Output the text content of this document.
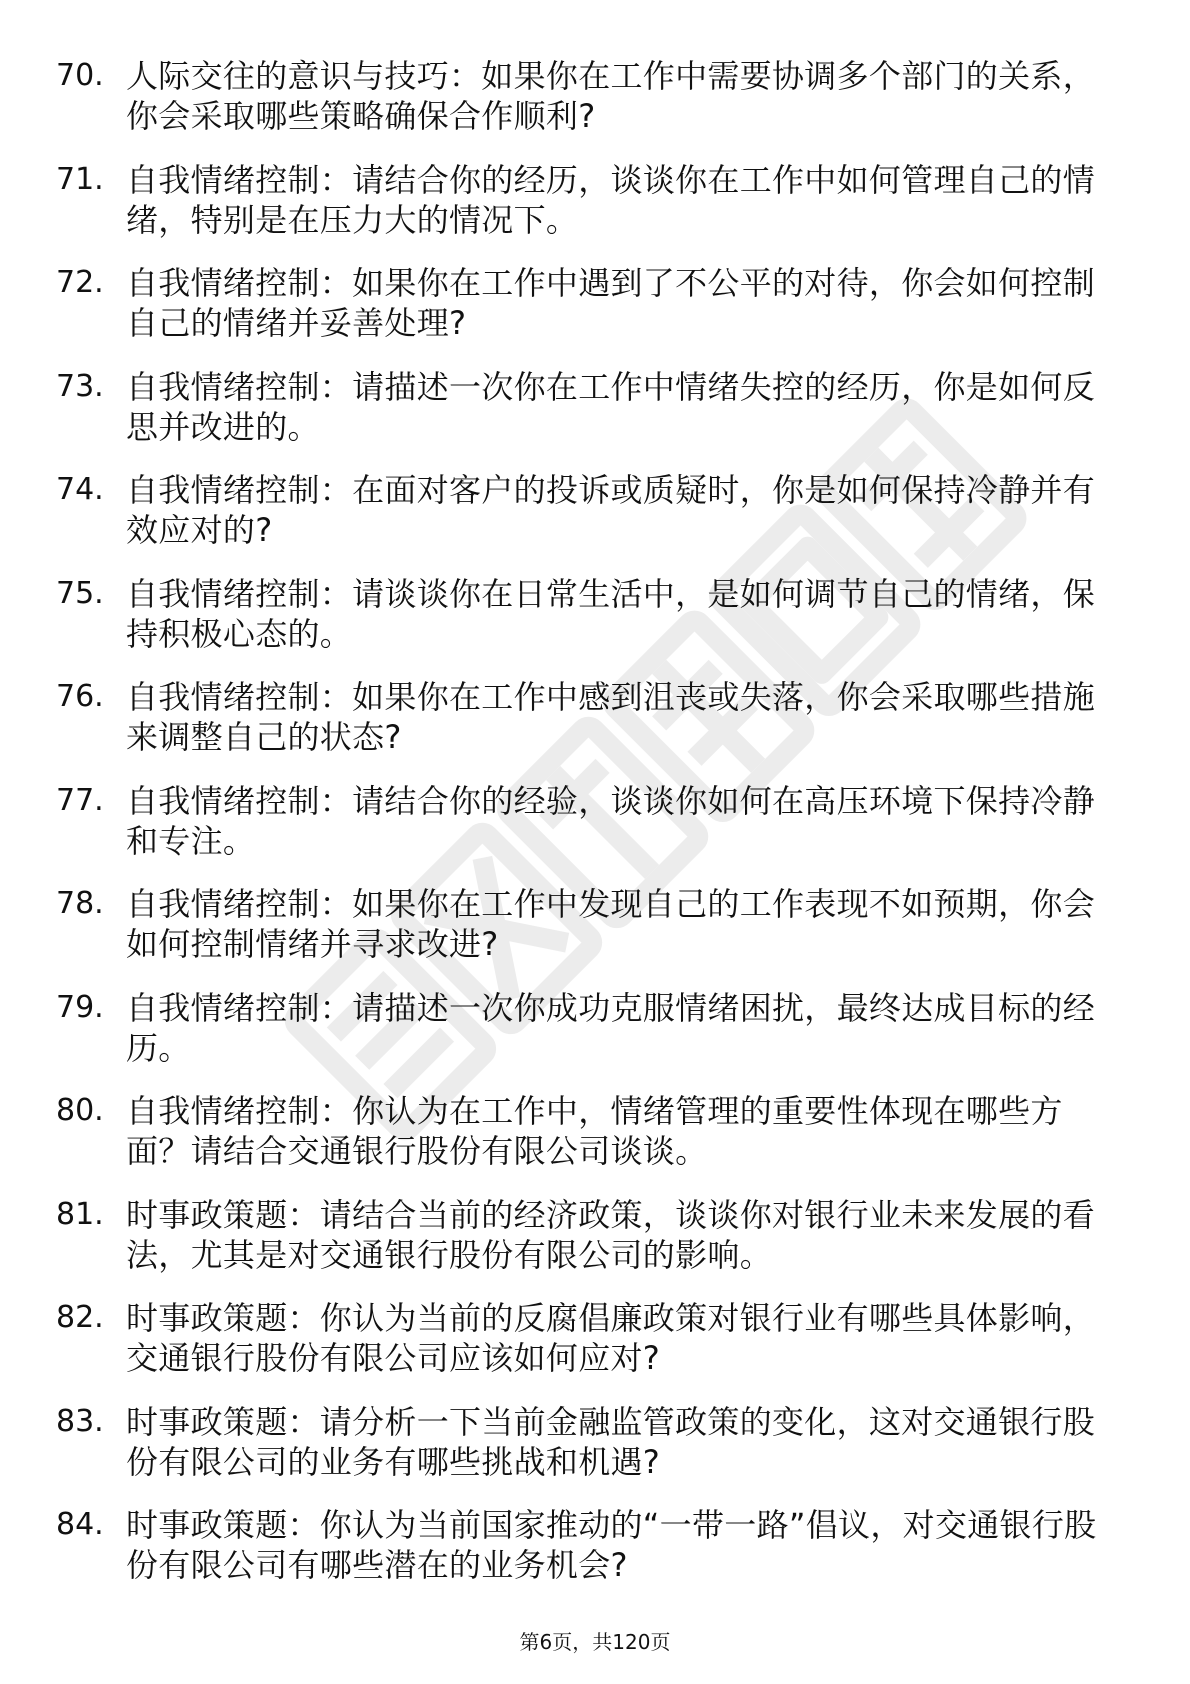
70. 人际交往的意识与技巧：如果你在工作中需要协调多个部门的关系，你会采取哪些策略确保合作顺利?
71. 自我情绪控制：请结合你的经历，谈谈你在工作中如何管理自己的情绪，特别是在压力大的情况下。
72. 自我情绪控制：如果你在工作中遇到了不公平的对待，你会如何控制自己的情绪并妥善处理?
73. 自我情绪控制：请描述一次你在工作中情绪失控的经历，你是如何反思并改进的。
74. 自我情绪控制：在面对客户的投诉或质疑时，你是如何保持冷静并有效应对的?
75. 自我情绪控制：请谈谈你在日常生活中，是如何调节自己的情绪，保持积极心态的。
76. 自我情绪控制：如果你在工作中感到沮丧或失落，你会采取哪些措施来调整自己的状态?
77. 自我情绪控制：请结合你的经验，谈谈你如何在高压环境下保持冷静和专注。
78. 自我情绪控制：如果你在工作中发现自己的工作表现不如预期，你会如何控制情绪并寻求改进?
79. 自我情绪控制：请描述一次你成功克服情绪困扰，最终达成目标的经历。
80. 自我情绪控制：你认为在工作中，情绪管理的重要性体现在哪些方面？请结合交通银行股份有限公司谈谈。
81. 时事政策题：请结合当前的经济政策，谈谈你对银行业未来发展的看法，尤其是对交通银行股份有限公司的影响。
82. 时事政策题：你认为当前的反腐倡廉政策对银行业有哪些具体影响，交通银行股份有限公司应该如何应对?
83. 时事政策题：请分析一下当前金融监管政策的变化，这对交通银行股份有限公司的业务有哪些挑战和机遇?
84. 时事政策题：你认为当前国家推动的“一带一路”倡议，对交通银行股份有限公司有哪些潜在的业务机会?
第6页，共120页
